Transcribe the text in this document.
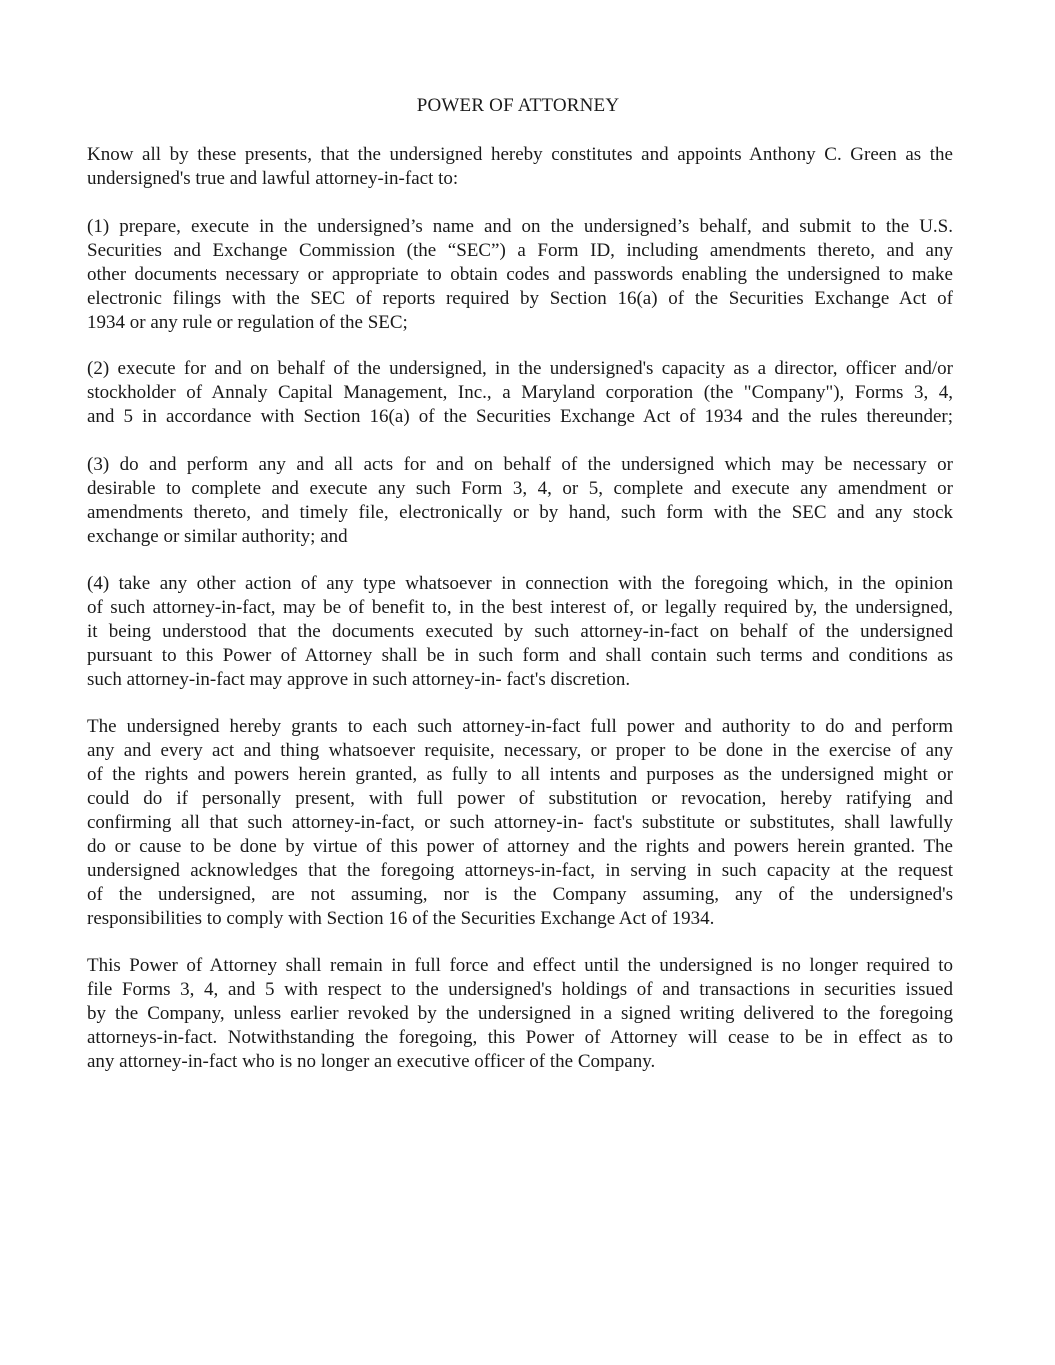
POWER OF ATTORNEY
Know all by these presents, that the undersigned hereby constitutes and appoints Anthony C. Green as the
undersigned's true and lawful attorney-in-fact to:
(1) prepare, execute in the undersigned’s name and on the undersigned’s behalf, and submit to the U.S.
Securities and Exchange Commission (the “SEC”) a Form ID, including amendments thereto, and any
other documents necessary or appropriate to obtain codes and passwords enabling the undersigned to make
electronic filings with the SEC of reports required by Section 16(a) of the Securities Exchange Act of
1934 or any rule or regulation of the SEC;
(2) execute for and on behalf of the undersigned, in the undersigned's capacity as a director, officer and/or
stockholder of Annaly Capital Management, Inc., a Maryland corporation (the "Company"), Forms 3, 4,
and 5 in accordance with Section 16(a) of the Securities Exchange Act of 1934 and the rules thereunder;
(3) do and perform any and all acts for and on behalf of the undersigned which may be necessary or
desirable to complete and execute any such Form 3, 4, or 5, complete and execute any amendment or
amendments thereto, and timely file, electronically or by hand, such form with the SEC and any stock
exchange or similar authority; and
(4) take any other action of any type whatsoever in connection with the foregoing which, in the opinion
of such attorney-in-fact, may be of benefit to, in the best interest of, or legally required by, the undersigned,
it being understood that the documents executed by such attorney-in-fact on behalf of the undersigned
pursuant to this Power of Attorney shall be in such form and shall contain such terms and conditions as
such attorney-in-fact may approve in such attorney-in- fact's discretion.
The undersigned hereby grants to each such attorney-in-fact full power and authority to do and perform
any and every act and thing whatsoever requisite, necessary, or proper to be done in the exercise of any
of the rights and powers herein granted, as fully to all intents and purposes as the undersigned might or
could do if personally present, with full power of substitution or revocation, hereby ratifying and
confirming all that such attorney-in-fact, or such attorney-in- fact's substitute or substitutes, shall lawfully
do or cause to be done by virtue of this power of attorney and the rights and powers herein granted. The
undersigned acknowledges that the foregoing attorneys-in-fact, in serving in such capacity at the request
of the undersigned, are not assuming, nor is the Company assuming, any of the undersigned's
responsibilities to comply with Section 16 of the Securities Exchange Act of 1934.
This Power of Attorney shall remain in full force and effect until the undersigned is no longer required to
file Forms 3, 4, and 5 with respect to the undersigned's holdings of and transactions in securities issued
by the Company, unless earlier revoked by the undersigned in a signed writing delivered to the foregoing
attorneys-in-fact. Notwithstanding the foregoing, this Power of Attorney will cease to be in effect as to
any attorney-in-fact who is no longer an executive officer of the Company.
